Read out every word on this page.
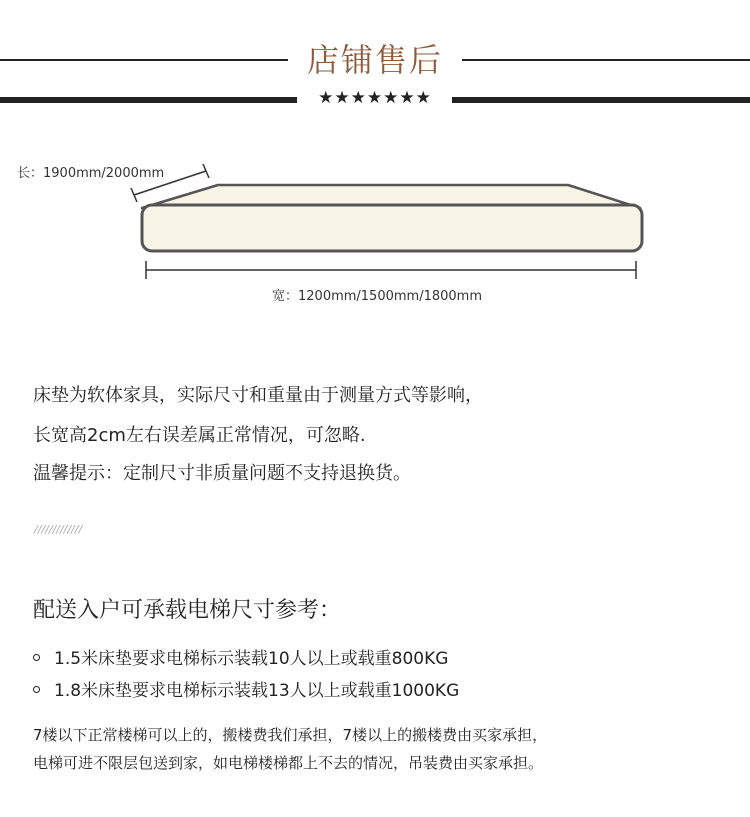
店铺售后
★★★★★★★
长：1900mm/2000mm
宽：1200mm/1500mm/1800mm
床垫为软体家具，实际尺寸和重量由于测量方式等影响，
长宽高2cm左右误差属正常情况，可忽略.
温馨提示：定制尺寸非质量问题不支持退换货。
/////////////
配送入户可承载电梯尺寸参考：
1.5米床垫要求电梯标示装载10人以上或载重800KG
1.8米床垫要求电梯标示装载13人以上或载重1000KG
7楼以下正常楼梯可以上的，搬楼费我们承担，7楼以上的搬楼费由买家承担，
电梯可进不限层包送到家，如电梯楼梯都上不去的情况，吊装费由买家承担。
